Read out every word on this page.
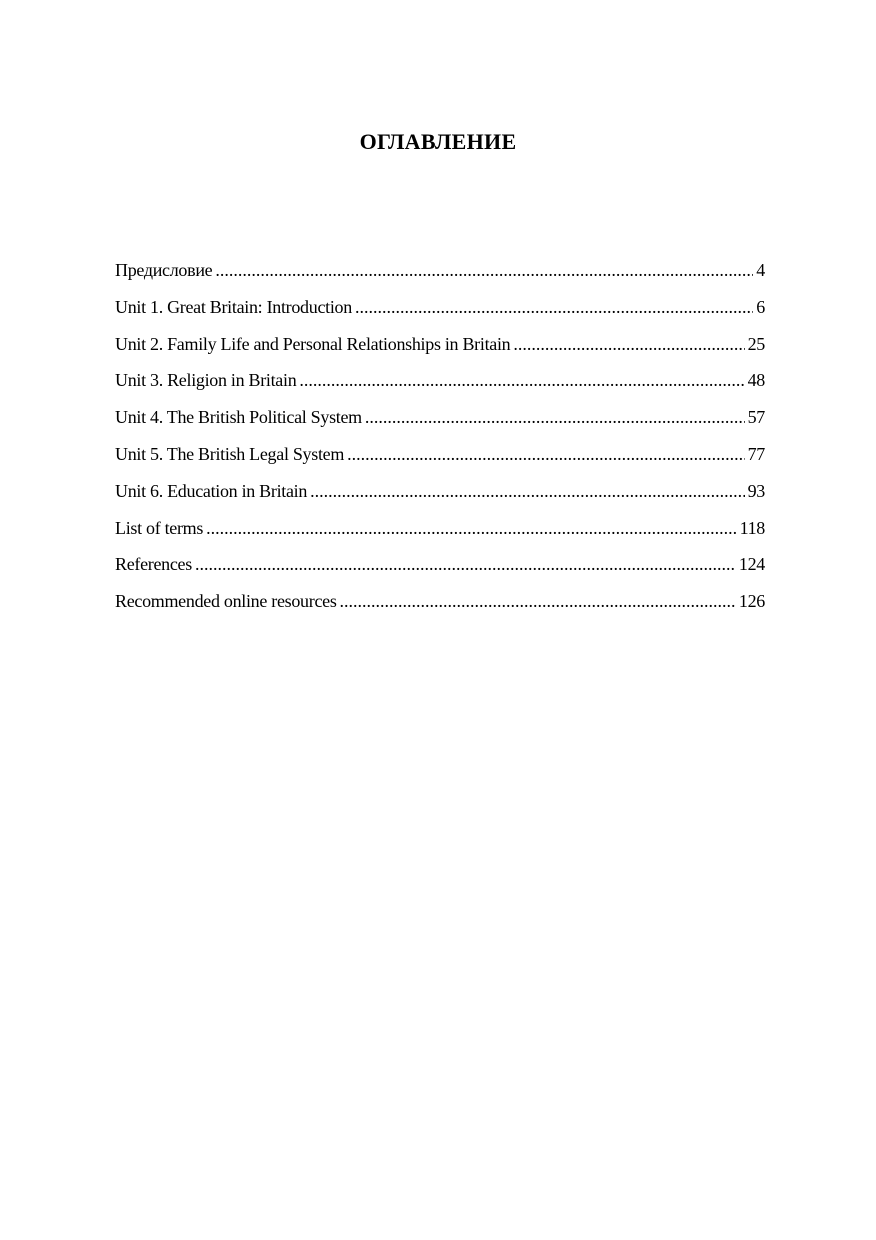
ОГЛАВЛЕНИЕ
Предисловие .....	4
Unit 1. Great Britain: Introduction .....	6
Unit 2. Family Life and Personal Relationships in Britain .....	25
Unit 3. Religion in Britain .....	48
Unit 4. The British Political System .....	57
Unit 5. The British Legal System .....	77
Unit 6. Education in Britain .....	93
List of terms .....	118
References .....	124
Recommended online resources .....	126
